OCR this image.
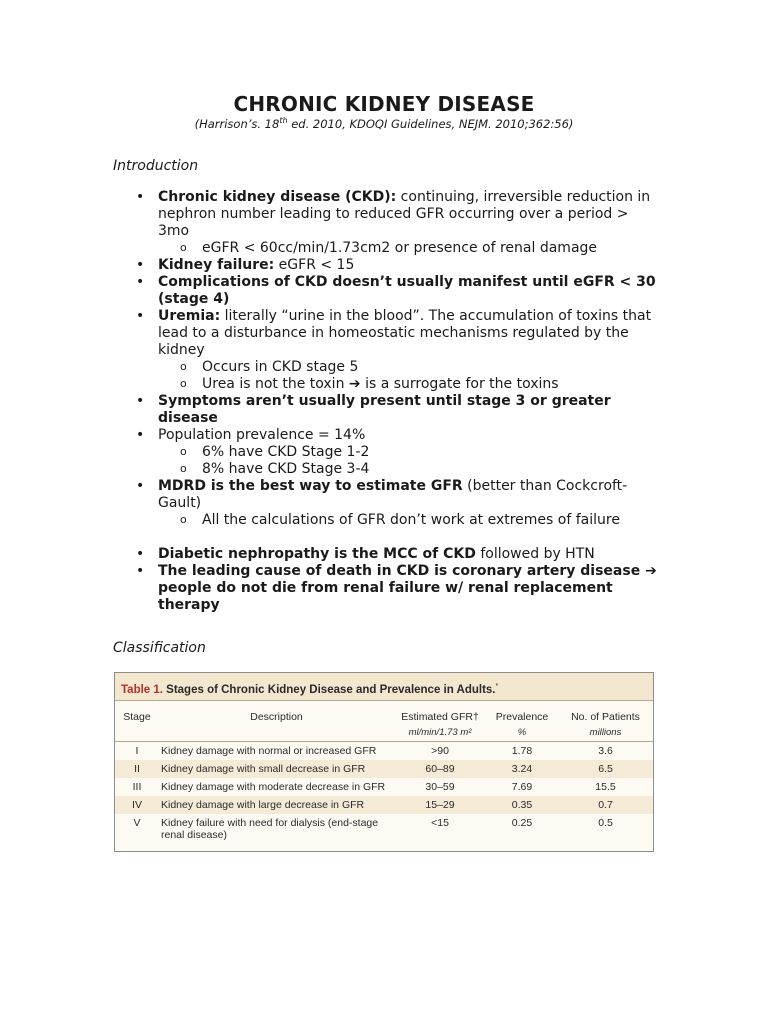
CHRONIC KIDNEY DISEASE

(Harrison’s. 18th ed. 2010, KDOQI Guidelines, NEJM. 2010;362:56)

Introduction

• Chronic kidney disease (CKD): continuing, irreversible reduction in nephron number leading to reduced GFR occurring over a period > 3mo
o eGFR < 60cc/min/1.73cm2 or presence of renal damage
• Kidney failure: eGFR < 15
• Complications of CKD doesn’t usually manifest until eGFR < 30 (stage 4)
• Uremia: literally “urine in the blood”. The accumulation of toxins that lead to a disturbance in homeostatic mechanisms regulated by the kidney
o Occurs in CKD stage 5
o Urea is not the toxin ➔ is a surrogate for the toxins
• Symptoms aren’t usually present until stage 3 or greater disease
• Population prevalence = 14%
o 6% have CKD Stage 1-2
o 8% have CKD Stage 3-4
• MDRD is the best way to estimate GFR (better than Cockcroft-Gault)
o All the calculations of GFR don’t work at extremes of failure
• Diabetic nephropathy is the MCC of CKD followed by HTN
• The leading cause of death in CKD is coronary artery disease ➔ people do not die from renal failure w/ renal replacement therapy

Classification

Table 1. Stages of Chronic Kidney Disease and Prevalence in Adults.*
Stage	Description	Estimated GFR†	Prevalence	No. of Patients
		ml/min/1.73 m²	%	millions
I	Kidney damage with normal or increased GFR	>90	1.78	3.6
II	Kidney damage with small decrease in GFR	60–89	3.24	6.5
III	Kidney damage with moderate decrease in GFR	30–59	7.69	15.5
IV	Kidney damage with large decrease in GFR	15–29	0.35	0.7
V	Kidney failure with need for dialysis (end-stage renal disease)	<15	0.25	0.5
